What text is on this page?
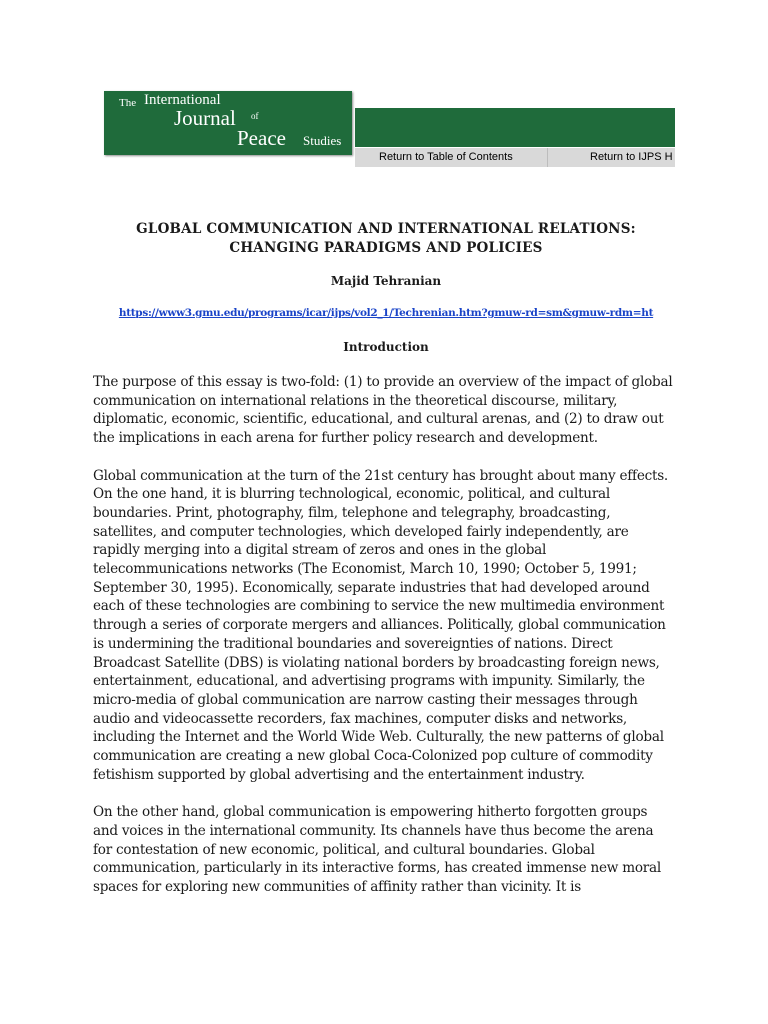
The International
Journal of
Peace Studies
Return to Table of Contents	Return to IJPS H
GLOBAL COMMUNICATION AND INTERNATIONAL RELATIONS:
CHANGING PARADIGMS AND POLICIES
Majid Tehranian
https://www3.gmu.edu/programs/icar/ijps/vol2_1/Techrenian.htm?gmuw-rd=sm&gmuw-rdm=ht
Introduction

The purpose of this essay is two-fold: (1) to provide an overview of the impact of global communication on international relations in the theoretical discourse, military, diplomatic, economic, scientific, educational, and cultural arenas, and (2) to draw out the implications in each arena for further policy research and development.

Global communication at the turn of the 21st century has brought about many effects. On the one hand, it is blurring technological, economic, political, and cultural boundaries. Print, photography, film, telephone and telegraphy, broadcasting, satellites, and computer technologies, which developed fairly independently, are rapidly merging into a digital stream of zeros and ones in the global telecommunications networks (The Economist, March 10, 1990; October 5, 1991; September 30, 1995). Economically, separate industries that had developed around each of these technologies are combining to service the new multimedia environment through a series of corporate mergers and alliances. Politically, global communication is undermining the traditional boundaries and sovereignties of nations. Direct Broadcast Satellite (DBS) is violating national borders by broadcasting foreign news, entertainment, educational, and advertising programs with impunity. Similarly, the micro-media of global communication are narrow casting their messages through audio and videocassette recorders, fax machines, computer disks and networks, including the Internet and the World Wide Web. Culturally, the new patterns of global communication are creating a new global Coca-Colonized pop culture of commodity fetishism supported by global advertising and the entertainment industry.

On the other hand, global communication is empowering hitherto forgotten groups and voices in the international community. Its channels have thus become the arena for contestation of new economic, political, and cultural boundaries. Global communication, particularly in its interactive forms, has created immense new moral spaces for exploring new communities of affinity rather than vicinity. It is
